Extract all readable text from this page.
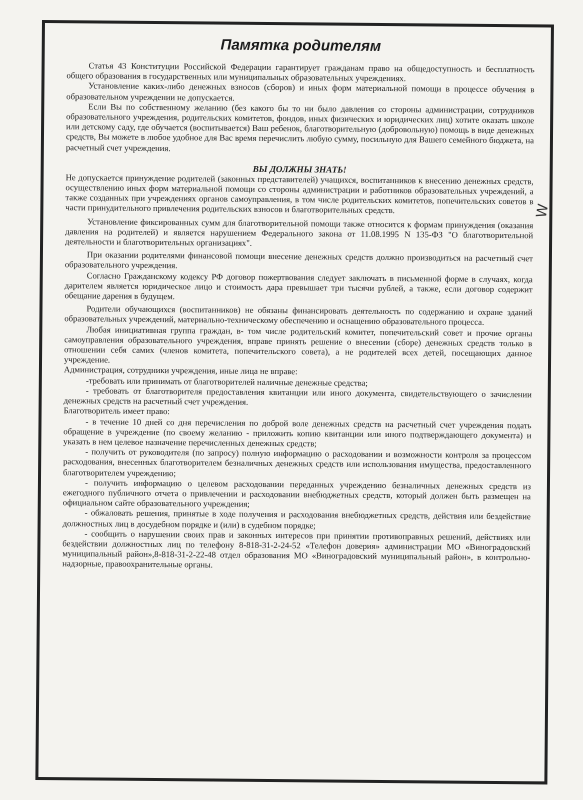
Памятка родителям

Статья 43 Конституции Российской Федерации гарантирует гражданам право на общедоступность и бесплатность общего образования в государственных или муниципальных образовательных учреждениях.

Установление каких-либо денежных взносов (сборов) и иных форм материальной помощи в процессе обучения в образовательном учреждении не допускается.

Если Вы по собственному желанию (без какого бы то ни было давления со стороны администрации, сотрудников образовательного учреждения, родительских комитетов, фондов, иных физических и юридических лиц) хотите оказать школе или детскому саду, где обучается (воспитывается) Ваш ребенок, благотворительную (добровольную) помощь в виде денежных средств, Вы можете в любое удобное для Вас время перечислить любую сумму, посильную для Вашего семейного бюджета, на расчетный счет учреждения.

ВЫ ДОЛЖНЫ ЗНАТЬ!

Не допускается принуждение родителей (законных представителей) учащихся, воспитанников к внесению денежных средств, осуществлению иных форм материальной помощи со стороны администрации и работников образовательных учреждений, а также созданных при учреждениях органов самоуправления, в том числе родительских комитетов, попечительских советов в части принудительного привлечения родительских взносов и благотворительных средств.

Установление фиксированных сумм для благотворительной помощи также относится к формам принуждения (оказания давления на родителей) и является нарушением Федерального закона от 11.08.1995 N 135-ФЗ "О благотворительной деятельности и благотворительных организациях".

При оказании родителями финансовой помощи внесение денежных средств должно производиться на расчетный счет образовательного учреждения.

Согласно Гражданскому кодексу РФ договор пожертвования следует заключать в письменной форме в случаях, когда дарителем является юридическое лицо и стоимость дара превышает три тысячи рублей, а также, если договор содержит обещание дарения в будущем.

Родители обучающихся (воспитанников) не обязаны финансировать деятельность по содержанию и охране зданий образовательных учреждений, материально-техническому обеспечению и оснащению образовательного процесса.

Любая инициативная группа граждан, в- том числе родительский комитет, попечительский совет и прочие органы самоуправления образовательного учреждения, вправе принять решение о внесении (сборе) денежных средств только в отношении себя самих (членов комитета, попечительского совета), а не родителей всех детей, посещающих данное учреждение.

Администрация, сотрудники учреждения, иные лица не вправе:

-требовать или принимать от благотворителей наличные денежные средства;

- требовать от благотворителя предоставления квитанции или иного документа, свидетельствующего о зачислении денежных средств на расчетный счет учреждения.

Благотворитель имеет право:

- в течение 10 дней со дня перечисления по доброй воле денежных средств на расчетный счет учреждения подать обращение в учреждение (по своему желанию - приложить копию квитанции или иного подтверждающего документа) и указать в нем целевое назначение перечисленных денежных средств;

- получить от руководителя (по запросу) полную информацию о расходовании и возможности контроля за процессом расходования, внесенных благотворителем безналичных денежных средств или использования имущества, предоставленного благотворителем учреждению;

- получить информацию о целевом расходовании переданных учреждению безналичных денежных средств из ежегодного публичного отчета о привлечении и расходовании внебюджетных средств, который должен быть размещен на официальном сайте образовательного учреждения;

- обжаловать решения, принятые в ходе получения и расходования внебюджетных средств, действия или бездействие должностных лиц в досудебном порядке и (или) в судебном порядке;

- сообщить о нарушении своих прав и законных интересов при принятии противоправных решений, действиях или бездействии должностных лиц по телефону 8-818-31-2-24-52 «Телефон доверия» администрации МО «Виноградовский муниципальный район»,8-818-31-2-22-48 отдел образования МО «Виноградовский муниципальный район», в контрольно-надзорные, правоохранительные органы.

W
